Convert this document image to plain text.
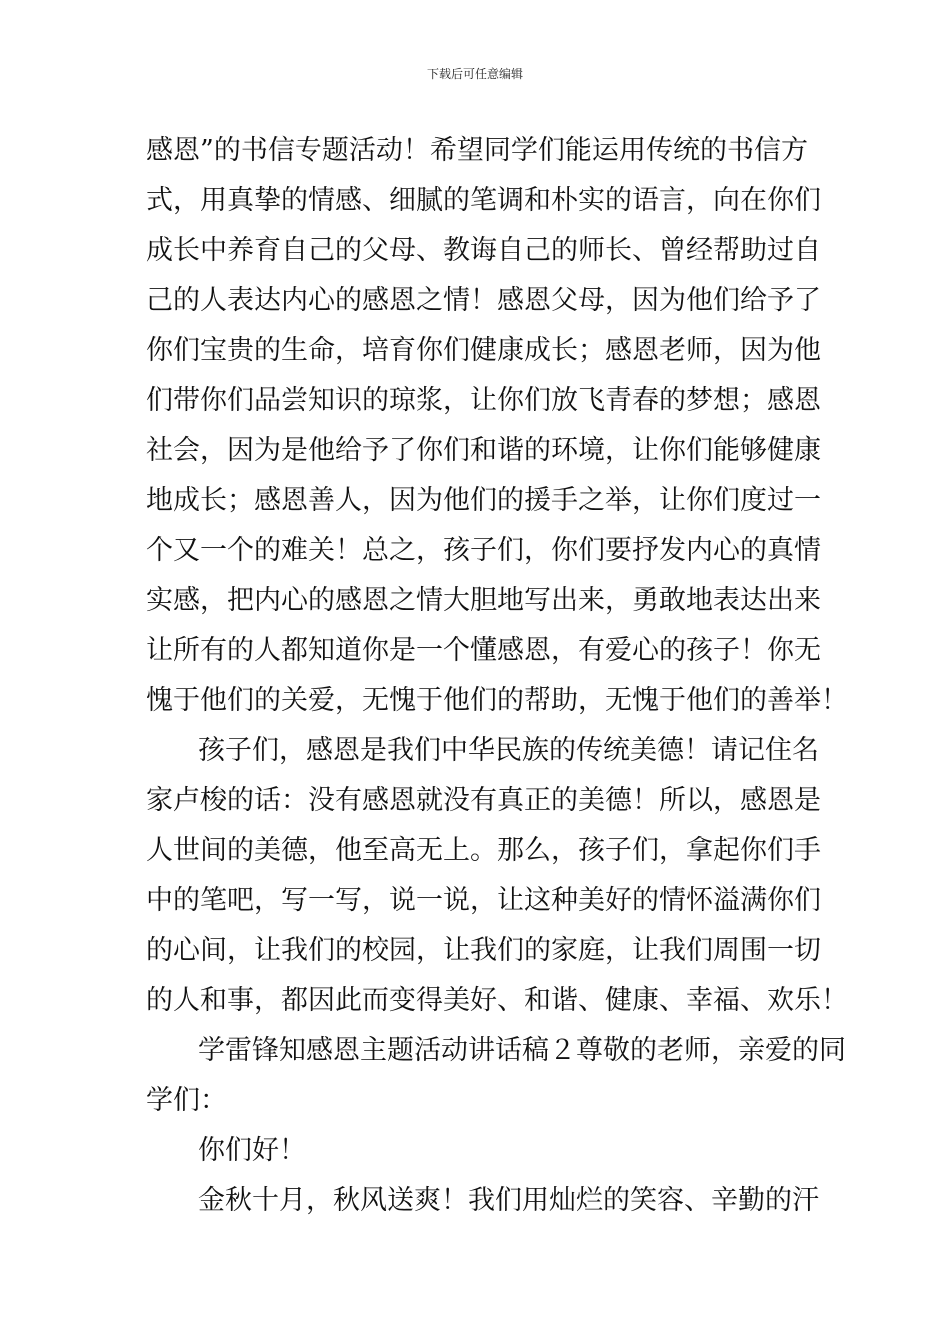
下载后可任意编辑
感恩”的书信专题活动！希望同学们能运用传统的书信方
式，用真挚的情感、细腻的笔调和朴实的语言，向在你们
成长中养育自己的父母、教诲自己的师长、曾经帮助过自
己的人表达内心的感恩之情！感恩父母，因为他们给予了
你们宝贵的生命，培育你们健康成长；感恩老师，因为他
们带你们品尝知识的琼浆，让你们放飞青春的梦想；感恩
社会，因为是他给予了你们和谐的环境，让你们能够健康
地成长；感恩善人，因为他们的援手之举，让你们度过一
个又一个的难关！总之，孩子们，你们要抒发内心的真情
实感，把内心的感恩之情大胆地写出来，勇敢地表达出来
让所有的人都知道你是一个懂感恩，有爱心的孩子！你无
愧于他们的关爱，无愧于他们的帮助，无愧于他们的善举！
孩子们，感恩是我们中华民族的传统美德！请记住名
家卢梭的话：没有感恩就没有真正的美德！所以，感恩是
人世间的美德，他至高无上。那么，孩子们，拿起你们手
中的笔吧，写一写，说一说，让这种美好的情怀溢满你们
的心间，让我们的校园，让我们的家庭，让我们周围一切
的人和事，都因此而变得美好、和谐、健康、幸福、欢乐！
学雷锋知感恩主题活动讲话稿２尊敬的老师，亲爱的同
学们：
你们好！
金秋十月，秋风送爽！我们用灿烂的笑容、辛勤的汗
